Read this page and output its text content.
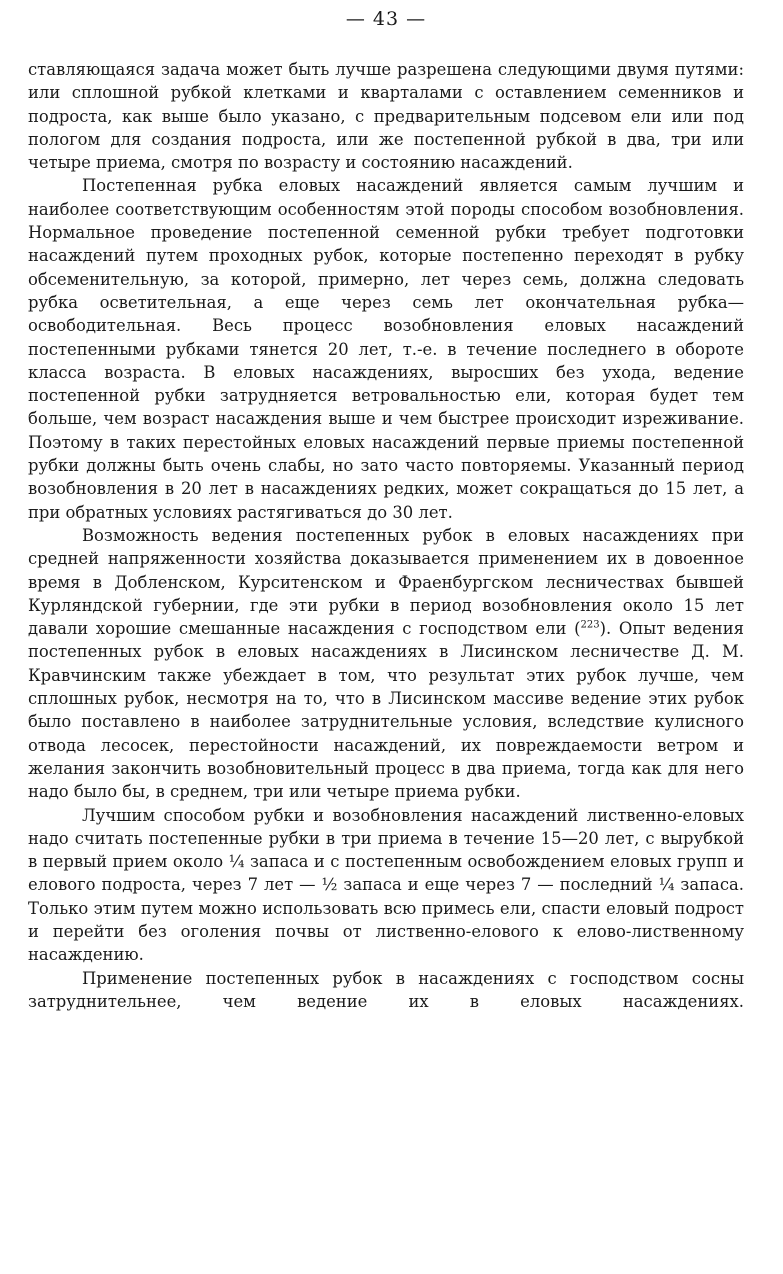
— 43 —

ставляющаяся задача может быть лучше разрешена следующими двумя путями: или сплошной рубкой клетками и кварталами с оставлением семенников и подроста, как выше было указано, с предварительным подсевом ели или под пологом для создания подроста, или же постепенной рубкой в два, три или четыре приема, смотря по возрасту и состоянию насаждений.

Постепенная рубка еловых насаждений является самым лучшим и наиболее соответствующим особенностям этой породы способом возобновления. Нормальное проведение постепенной семенной рубки требует подготовки насаждений путем проходных рубок, которые постепенно переходят в рубку обсеменительную, за которой, примерно, лет через семь, должна следовать рубка осветительная, а еще через семь лет окончательная рубка—освободительная. Весь процесс возобновления еловых насаждений постепенными рубками тянется 20 лет, т.-е. в течение последнего в обороте класса возраста. В еловых насаждениях, выросших без ухода, ведение постепенной рубки затрудняется ветровальностью ели, которая будет тем больше, чем возраст насаждения выше и чем быстрее происходит изреживание. Поэтому в таких перестойных еловых насаждений первые приемы постепенной рубки должны быть очень слабы, но зато часто повторяемы. Указанный период возобновления в 20 лет в насаждениях редких, может сокращаться до 15 лет, а при обратных условиях растягиваться до 30 лет.

Возможность ведения постепенных рубок в еловых насаждениях при средней напряженности хозяйства доказывается применением их в довоенное время в Добленском, Курситенском и Фраенбургском лесничествах бывшей Курляндской губернии, где эти рубки в период возобновления около 15 лет давали хорошие смешанные насаждения с господством ели ($^{223}$). Опыт ведения постепенных рубок в еловых насаждениях в Лисинском лесничестве Д. М. Кравчинским также убеждает в том, что результат этих рубок лучше, чем сплошных рубок, несмотря на то, что в Лисинском массиве ведение этих рубок было поставлено в наиболее затруднительные условия, вследствие кулисного отвода лесосек, перестойности насаждений, их повреждаемости ветром и желания закончить возобновительный процесс в два приема, тогда как для него надо было бы, в среднем, три или четыре приема рубки.

Лучшим способом рубки и возобновления насаждений лиственно-еловых надо считать постепенные рубки в три приема в течение 15—20 лет, с вырубкой в первый прием около ¼ запаса и с постепенным освобождением еловых групп и елового подроста, через 7 лет — ½ запаса и еще через 7 — последний ¼ запаса. Только этим путем можно использовать всю примесь ели, спасти еловый подрост и перейти без оголения почвы от лиственно-елового к елово-лиственному насаждению.

Применение постепенных рубок в насаждениях с господством сосны затруднительнее, чем ведение их в еловых насаждениях.
